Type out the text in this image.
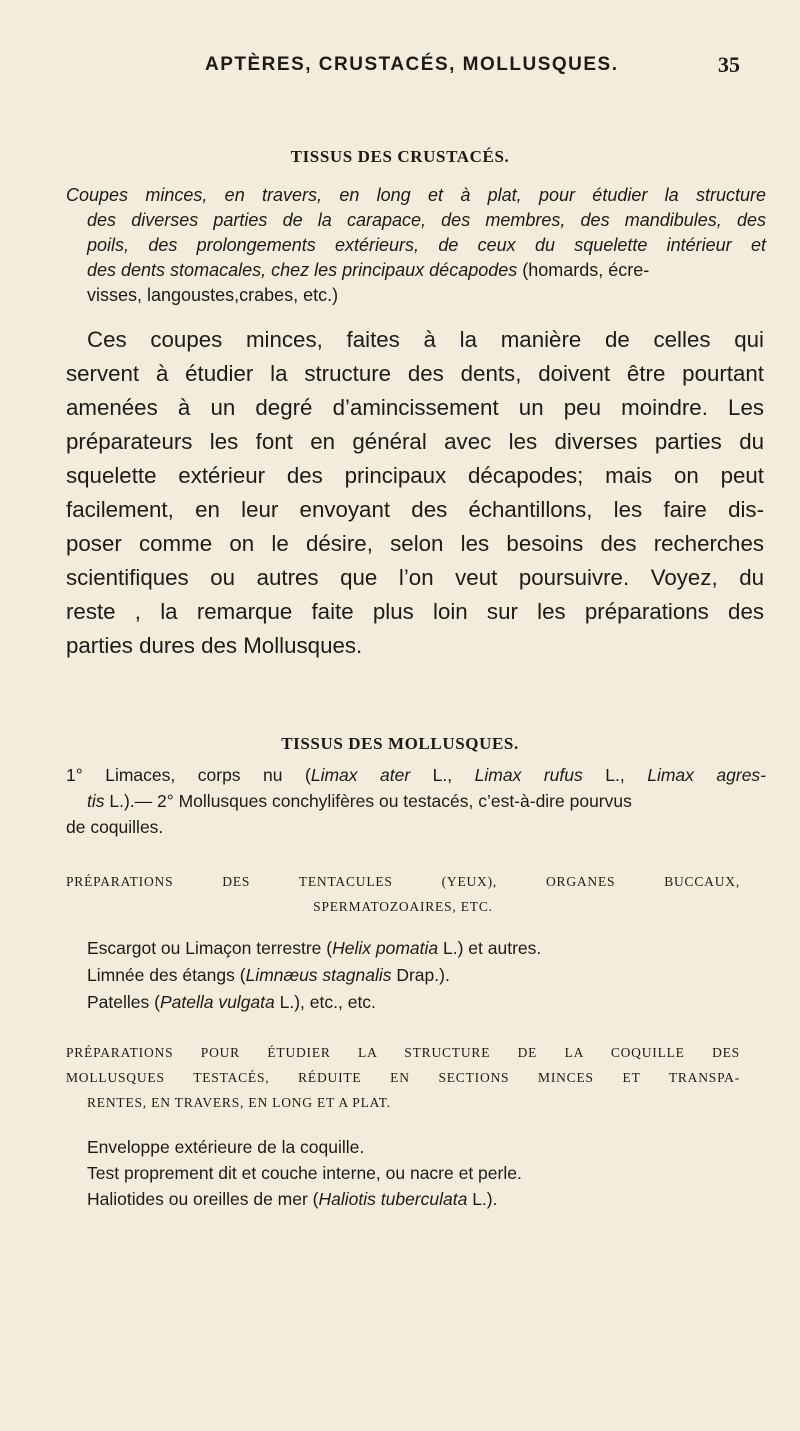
APTÈRES, CRUSTACÉS, MOLLUSQUES.	35
TISSUS DES CRUSTACÉS.
Coupes minces, en travers, en long et à plat, pour étudier la structure
des diverses parties de la carapace, des membres, des mandibules, des
poils, des prolongements extérieurs, de ceux du squelette intérieur et
des dents stomacales, chez les principaux décapodes (homards, écre-
visses, langoustes,crabes, etc.)
Ces coupes minces, faites à la manière de celles qui
servent à étudier la structure des dents, doivent être pourtant
amenées à un degré d’amincissement un peu moindre. Les
préparateurs les font en général avec les diverses parties du
squelette extérieur des principaux décapodes; mais on peut
facilement, en leur envoyant des échantillons, les faire dis-
poser comme on le désire, selon les besoins des recherches
scientifiques ou autres que l’on veut poursuivre. Voyez, du
reste , la remarque faite plus loin sur les préparations des
parties dures des Mollusques.
TISSUS DES MOLLUSQUES.
1° Limaces, corps nu (Limax ater L., Limax rufus L., Limax agres-
tis L.).— 2° Mollusques conchylifères ou testacés, c’est-à-dire pourvus
de coquilles.
PRÉPARATIONS DES TENTACULES (YEUX), ORGANES BUCCAUX,
SPERMATOZOAIRES, ETC.
Escargot ou Limaçon terrestre (Helix pomatia L.) et autres.
Limnée des étangs (Limnæus stagnalis Drap.).
Patelles (Patella vulgata L.), etc., etc.
PRÉPARATIONS POUR ÉTUDIER LA STRUCTURE DE LA COQUILLE DES
MOLLUSQUES TESTACÉS, RÉDUITE EN SECTIONS MINCES ET TRANSPA-
RENTES, EN TRAVERS, EN LONG ET A PLAT.
Enveloppe extérieure de la coquille.
Test proprement dit et couche interne, ou nacre et perle.
Haliotides ou oreilles de mer (Haliotis tuberculata L.).
